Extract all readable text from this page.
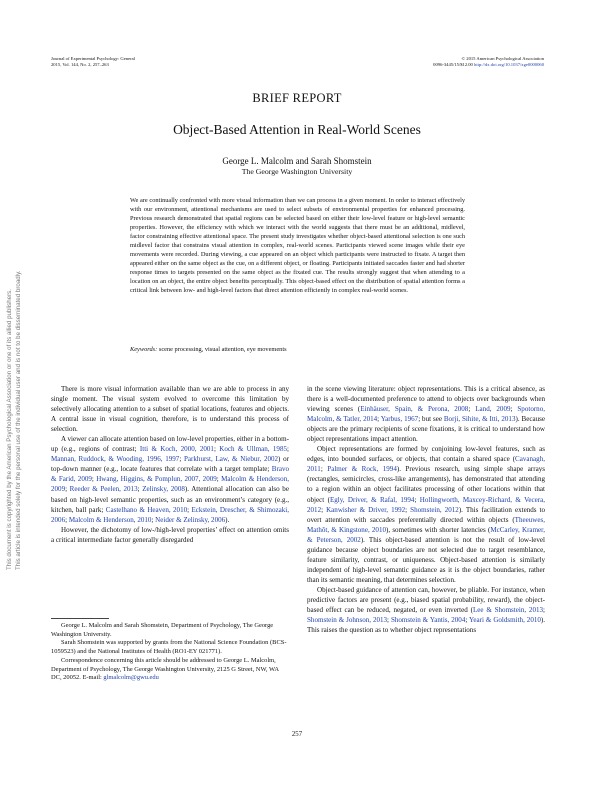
Journal of Experimental Psychology: General
2015, Vol. 144, No. 2, 257–263
© 2015 American Psychological Association
0096-3445/15/$12.00 http://dx.doi.org/10.1037/xge0000060
This document is copyrighted by the American Psychological Association or one of its allied publishers. This article is intended solely for the personal use of the individual user and is not to be disseminated broadly.
BRIEF REPORT
Object-Based Attention in Real-World Scenes
George L. Malcolm and Sarah Shomstein
The George Washington University
We are continually confronted with more visual information than we can process in a given moment. In order to interact effectively with our environment, attentional mechanisms are used to select subsets of environmental properties for enhanced processing. Previous research demonstrated that spatial regions can be selected based on either their low-level feature or high-level semantic properties. However, the efficiency with which we interact with the world suggests that there must be an additional, midlevel, factor constraining effective attentional space. The present study investigates whether object-based attentional selection is one such midlevel factor that constrains visual attention in complex, real-world scenes. Participants viewed scene images while their eye movements were recorded. During viewing, a cue appeared on an object which participants were instructed to fixate. A target then appeared either on the same object as the cue, on a different object, or floating. Participants initiated saccades faster and had shorter response times to targets presented on the same object as the fixated cue. The results strongly suggest that when attending to a location on an object, the entire object benefits perceptually. This object-based effect on the distribution of spatial attention forms a critical link between low- and high-level factors that direct attention efficiently in complex real-world scenes.
Keywords: scene processing, visual attention, eye movements

There is more visual information available than we are able to process in any single moment. The visual system evolved to overcome this limitation by selectively allocating attention to a subset of spatial locations, features and objects. A central issue in visual cognition, therefore, is to understand this process of selection.

A viewer can allocate attention based on low-level properties, either in a bottom-up (e.g., regions of contrast; Itti & Koch, 2000, 2001; Koch & Ullman, 1985; Mannan, Ruddock, & Wooding, 1996, 1997; Parkhurst, Law, & Niebur, 2002) or top-down manner (e.g., locate features that correlate with a target template; Bravo & Farid, 2009; Hwang, Higgins, & Pomplun, 2007, 2009; Malcolm & Henderson, 2009; Reeder & Peelen, 2013; Zelinsky, 2008). Attentional allocation can also be based on high-level semantic properties, such as an environment’s category (e.g., kitchen, ball park; Castelhano & Heaven, 2010; Eckstein, Drescher, & Shimozaki, 2006; Malcolm & Henderson, 2010; Neider & Zelinsky, 2006).

However, the dichotomy of low-/high-level properties’ effect on attention omits a critical intermediate factor generally disregarded

in the scene viewing literature: object representations. This is a critical absence, as there is a well-documented preference to attend to objects over backgrounds when viewing scenes (Einhäuser, Spain, & Perona, 2008; Land, 2009; Spotorno, Malcolm, & Tatler, 2014; Yarbus, 1967; but see Borji, Sihite, & Itti, 2013). Because objects are the primary recipients of scene fixations, it is critical to understand how object representations impact attention.

Object representations are formed by conjoining low-level features, such as edges, into bounded surfaces, or objects, that contain a shared space (Cavanagh, 2011; Palmer & Rock, 1994). Previous research, using simple shape arrays (rectangles, semicircles, cross-like arrangements), has demonstrated that attending to a region within an object facilitates processing of other locations within that object (Egly, Driver, & Rafal, 1994; Hollingworth, Maxcey-Richard, & Vecera, 2012; Kanwisher & Driver, 1992; Shomstein, 2012). This facilitation extends to overt attention with saccades preferentially directed within objects (Theeuwes, Mathôt, & Kingstone, 2010), sometimes with shorter latencies (McCarley, Kramer, & Peterson, 2002). This object-based attention is not the result of low-level guidance because object boundaries are not selected due to target resemblance, feature similarity, contrast, or uniqueness. Object-based attention is similarly independent of high-level semantic guidance as it is the object boundaries, rather than its semantic meaning, that determines selection.

Object-based guidance of attention can, however, be pliable. For instance, when predictive factors are present (e.g., biased spatial probability, reward), the object-based effect can be reduced, negated, or even inverted (Lee & Shomstein, 2013; Shomstein & Johnson, 2013; Shomstein & Yantis, 2004; Yeari & Goldsmith, 2010). This raises the question as to whether object representations

George L. Malcolm and Sarah Shomstein, Department of Psychology, The George Washington University.

Sarah Shomstein was supported by grants from the National Science Foundation (BCS-1059523) and the National Institutes of Health (RO1-EY 021771).

Correspondence concerning this article should be addressed to George L. Malcolm, Department of Psychology, The George Washington University, 2125 G Street, NW, WA DC, 20052. E-mail: glmalcolm@gwu.edu

257
